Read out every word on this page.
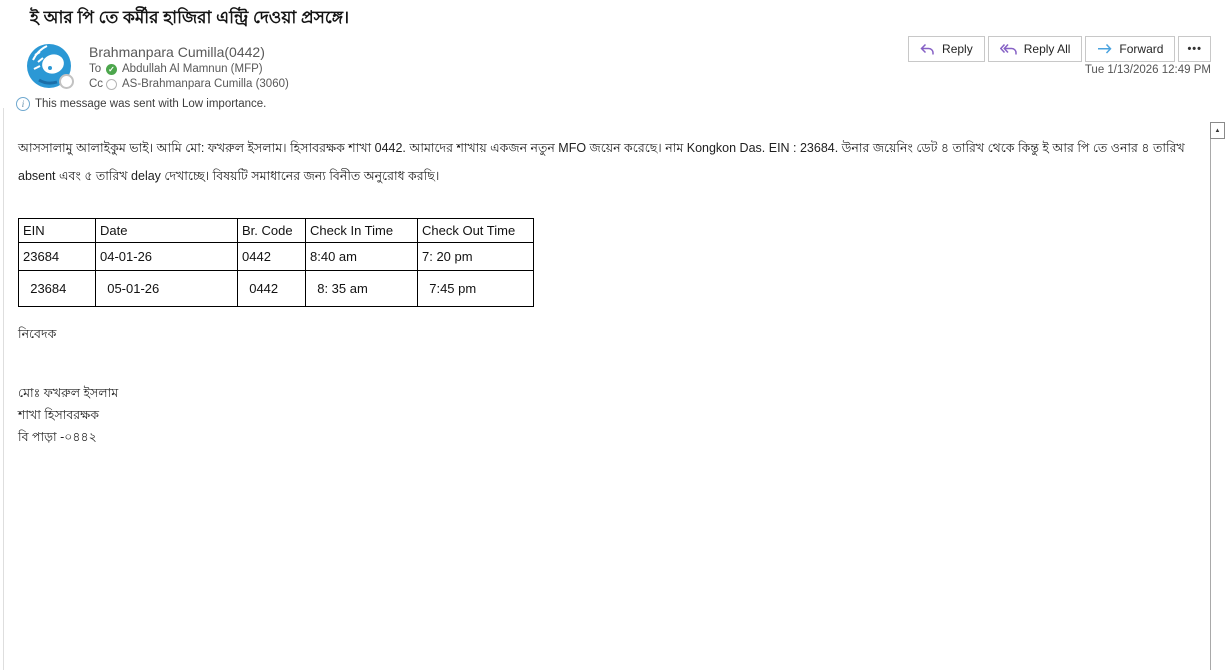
ই আর পি তে কর্মীর হাজিরা এন্ট্রি দেওয়া প্রসঙ্গে।
Reply	Reply All	Forward •••
Tue 1/13/2026 12:49 PM
Brahmanpara Cumilla(0442)
To ✓ Abdullah Al Mamnun (MFP)
Cc AS-Brahmanpara Cumilla (3060)
i This message was sent with Low importance.
আসসালামু আলাইকুম ভাই। আমি মো: ফখরুল ইসলাম। হিসাবরক্ষক শাখা 0442. আমাদের শাখায় একজন নতুন MFO জয়েন করেছে। নাম Kongkon Das. EIN : 23684. উনার জয়েনিং ডেট ৪ তারিখ থেকে কিন্তু ই আর পি তে ওনার ৪ তারিখ absent এবং ৫ তারিখ delay দেখাচ্ছে। বিষয়টি সমাধানের জন্য বিনীত অনুরোধ করছি।
EIN	Date	Br. Code	Check In Time	Check Out Time
23684	04-01-26	0442	8:40 am	7: 20 pm
23684	05-01-26	0442	8: 35 am	7:45 pm
নিবেদক
মোঃ ফখরুল ইসলাম
শাখা হিসাবরক্ষক
বি পাড়া -০৪৪২
▲
